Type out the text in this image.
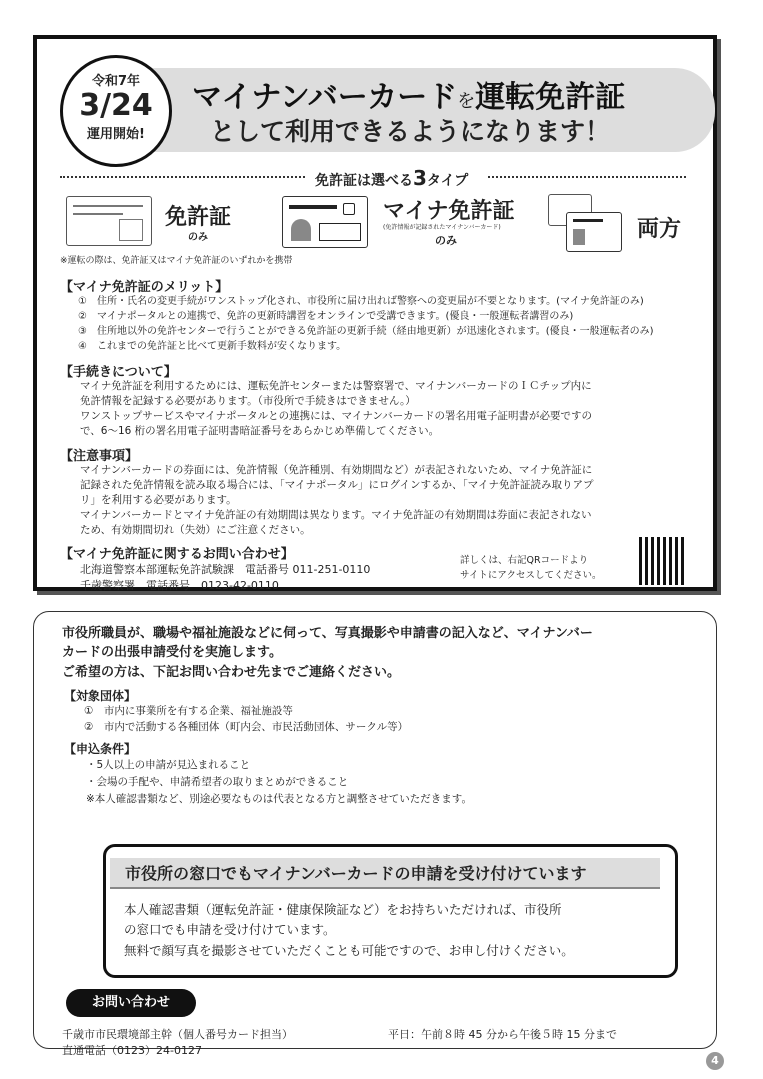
令和7年
3/24
運用開始!
マイナンバーカードを運転免許証
として利用できるようになります！
免許証は選べる3タイプ
免許証
のみ
マイナ免許証
(免許情報が記録されたマイナンバーカード)
のみ	両方
※運転の際は、免許証又はマイナ免許証のいずれかを携帯
【マイナ免許証のメリット】
①　住所・氏名の変更手続がワンストップ化され、市役所に届け出れば警察への変更届が不要となります。(マイナ免許証のみ)
②　マイナポータルとの連携で、免許の更新時講習をオンラインで受講できます。(優良・一般運転者講習のみ)
③　住所地以外の免許センターで行うことができる免許証の更新手続（経由地更新）が迅速化されます。(優良・一般運転者のみ)
④　これまでの免許証と比べて更新手数料が安くなります。
【手続きについて】
マイナ免許証を利用するためには、運転免許センターまたは警察署で、マイナンバーカードのＩＣチップ内に
免許情報を記録する必要があります。（市役所で手続きはできません。）
ワンストップサービスやマイナポータルとの連携には、マイナンバーカードの署名用電子証明書が必要ですの
で、6～16 桁の署名用電子証明書暗証番号をあらかじめ準備してください。
【注意事項】
マイナンバーカードの券面には、免許情報（免許種別、有効期間など）が表記されないため、マイナ免許証に
記録された免許情報を読み取る場合には、「マイナポータル」にログインするか、「マイナ免許証読み取りアプ
リ」を利用する必要があります。
マイナンバーカードとマイナ免許証の有効期間は異なります。マイナ免許証の有効期間は券面に表記されない
ため、有効期間切れ（失効）にご注意ください。
【マイナ免許証に関するお問い合わせ】
北海道警察本部運転免許試験課　電話番号 011-251-0110
千歳警察署　電話番号　0123-42-0110
詳しくは、右記QRコードより
サイトにアクセスしてください。
市役所職員が、職場や福祉施設などに伺って、写真撮影や申請書の記入など、マイナンバー
カードの出張申請受付を実施します。
ご希望の方は、下記お問い合わせ先までご連絡ください。
【対象団体】
①　市内に事業所を有する企業、福祉施設等
②　市内で活動する各種団体（町内会、市民活動団体、サークル等）
【申込条件】
・5人以上の申請が見込まれること
・会場の手配や、申請希望者の取りまとめができること
※本人確認書類など、別途必要なものは代表となる方と調整させていただきます。
市役所の窓口でもマイナンバーカードの申請を受け付けています
本人確認書類（運転免許証・健康保険証など）をお持ちいただければ、市役所
の窓口でも申請を受け付けています。
無料で顔写真を撮影させていただくことも可能ですので、お申し付けください。
お問い合わせ
千歳市市民環境部主幹（個人番号カード担当）	平日：午前８時 45 分から午後５時 15 分まで
直通電話（0123）24-0127
4
